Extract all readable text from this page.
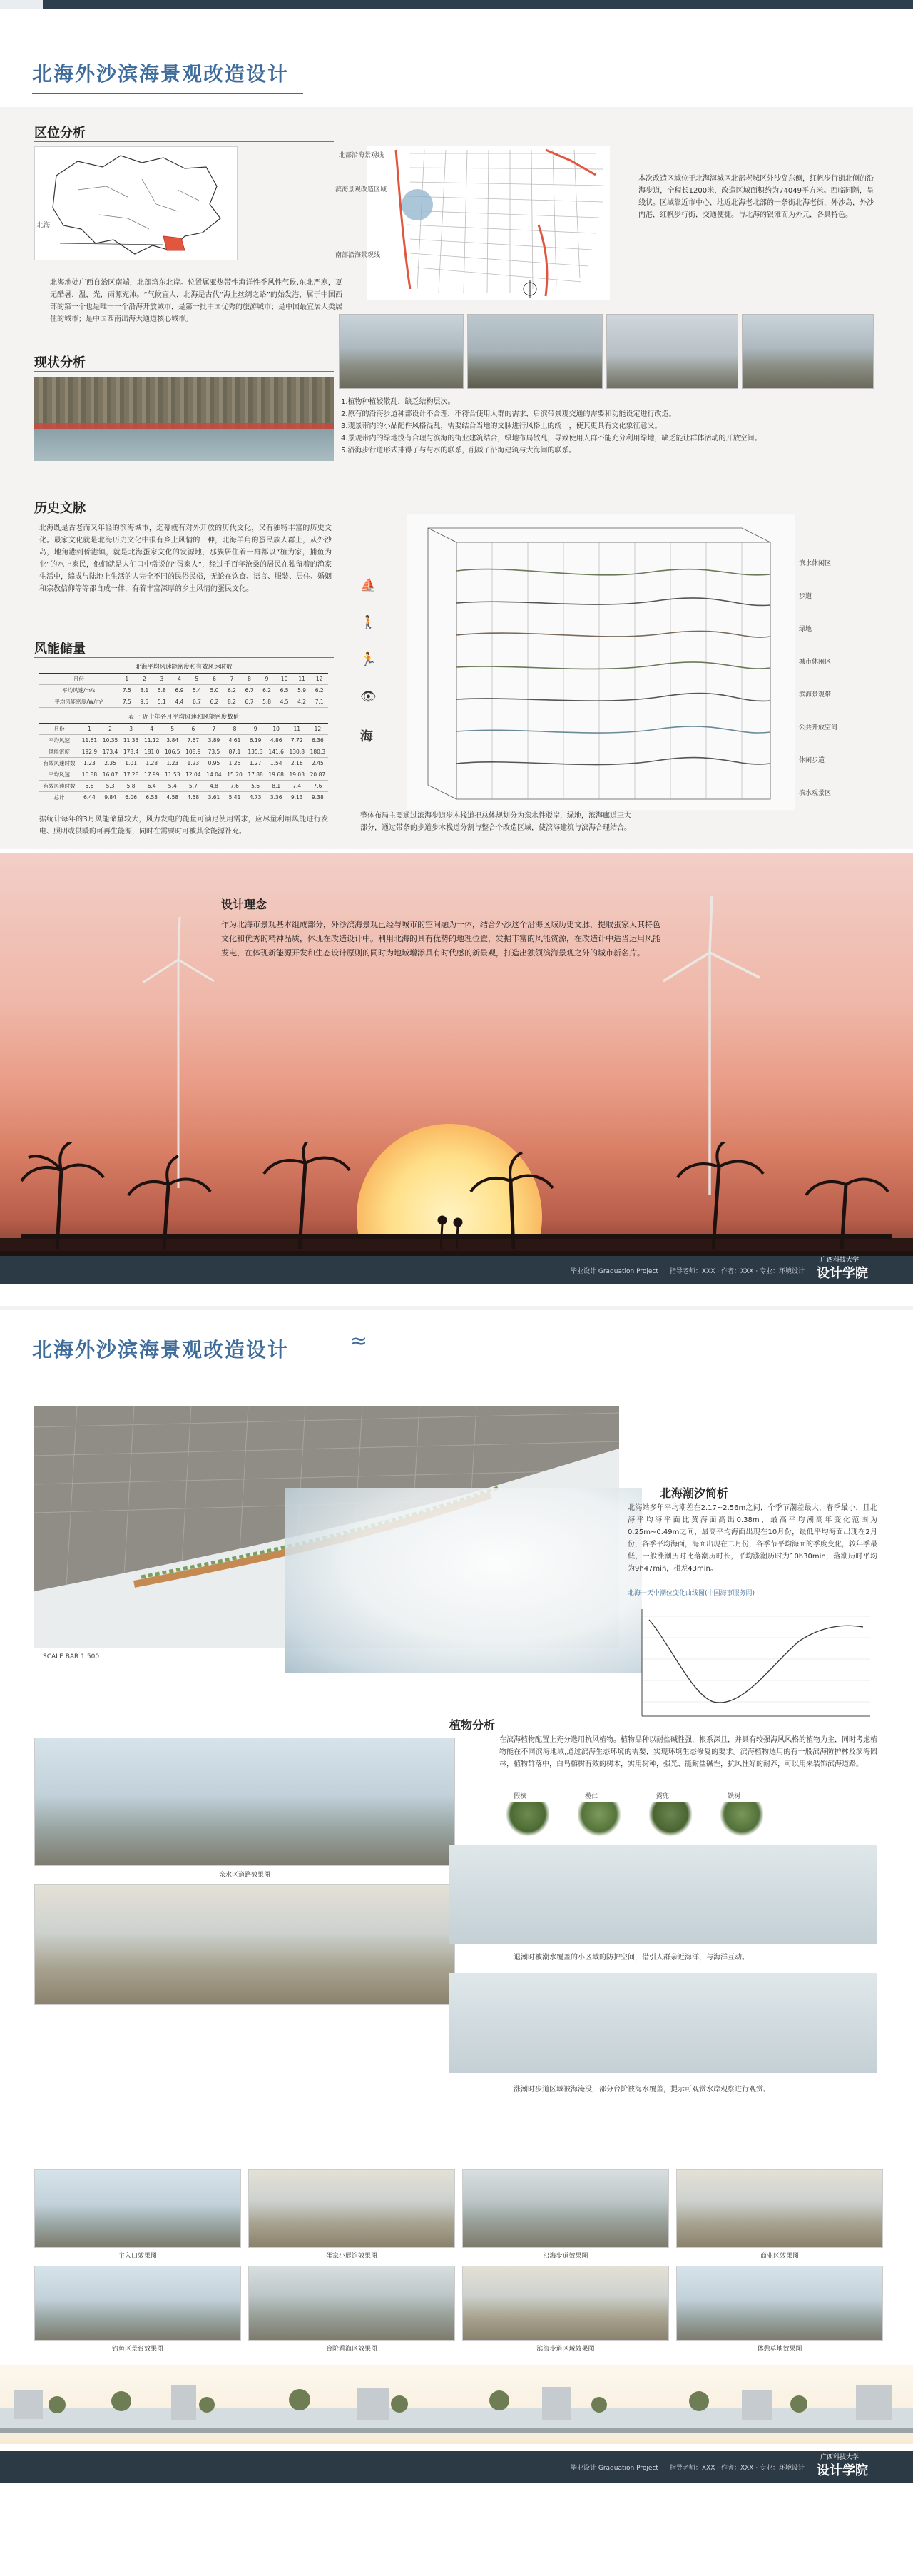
北海外沙滨海景观改造设计
区位分析
北海
北部沿海景观线
滨海景观改造区域
南部沿海景观线
本次改造区域位于北海海城区北部老城区外沙岛东侧，红帆步行街北侧的沿海步道，全程长1200米，改造区域面积约为74049平方米。西临同隔，呈线状。区域靠近市中心，地近北海老北部的一条街北海老街，外沙岛，外沙内港，红帆步行街，交通便捷。与北海的银滩而为外元，各具特色。
北海地处广西自治区南端，北部湾东北岸。位置属亚热带性海洋性季风性气候,东北严寒，夏无酷暑，温，光，雨源充沛。“气候宜人，北海是古代“海上丝绸之路”的始发港，属于中国西部的第一个也是唯一一个沿海开放城市，是第一批中国优秀的旅游城市；是中国最宜居人类居住的城市；是中国西南出海大通道核心城市。
现状分析
1.植物种植较散乱，缺乏结构层次。
2.原有的沿海步道种部设计不合理，不符合使用人群的需求，后滨带景观交通的需要和功能设定进行改造。
3.观景带内的小品配件风格混乱，需要结合当地的文脉进行风格上的统一，使其更具有文化象征意义。
4.景观带内的绿地没有合理与滨海的街业建筑结合，绿地布局散乱，导致使用人群不能充分利用绿地，缺乏能让群体活动的开放空间。
5.沿海步行道形式排得了与与水的联系，削减了沿海建筑与大海间的联系。
历史文脉
北海既是古老而又年轻的滨海城市，迄幕就有对外开放的历代文化，又有独特丰富的历史文化。最家文化就是北海历史文化中很有乡土风情的一种，北海羊角的蛋民族人群上，从外沙岛，地角港到侨港镇，就是北海蛋家文化的发源地，那族居住着一群都以“植为家，捕鱼为业”的水上家民，他们就是人们口中常说的“蛋家人”，经过千百年沧桑的居民在独留着的渔家生活中，编成与陆地上生活的人完全不同的民俗民俗，无论在饮食、语言、服装、居住、婚姻和宗教信仰等等都自成一体，有着丰富深厚的乡土风情的蛋民文化。
风能储量
北海平均风速能密度和有效风速时数
月份	1	2	3	4	5	6	7	8	9	10	11	12
平均风速/m/s	7.5	8.1	5.8	6.9	5.4	5.0	6.2	6.7	6.2	6.5	5.9	6.2
平均风能密度/W/m²	7.5	9.5	5.1	4.4	6.7	6.2	8.2	6.7	5.8	4.5	4.2	7.1
表一 近十年各月平均风速和风能密度数值
月份	1	2	3	4	5	6	7	8	9	10	11	12
平均风速	11.61	10.35	11.33	11.12	3.84	7.67	3.89	4.61	6.19	4.86	7.72	6.36
风能密度	192.9	173.4	178.4	181.0	106.5	108.9	73.5	87.1	135.3	141.6	130.8	180.3
有效风速时数	1.23	2.35	1.01	1.28	1.23	1.23	0.95	1.25	1.27	1.54	2.16	2.45
平均风速	16.88	16.07	17.28	17.99	11.53	12.04	14.04	15.20	17.88	19.68	19.03	20.87
有效风速时数	5.6	5.3	5.8	6.4	5.4	5.7	4.8	7.6	5.6	8.1	7.4	7.6
总计	6.44	9.84	6.06	6.53	4.58	4.58	3.61	5.41	4.73	3.36	9.13	9.38
据统计每年的3月风能储量较大，风力发电的能量可满足使用需求，应尽量利用风能进行发电、照明或供暖的可再生能源，同时在需要时可被其余能源补充。
⛵
🚶
🏃
👁
海
滨水休闲区
步道
绿地
城市休闲区
滨海景观带
公共开放空间
休闲步道
滨水观景区
整体布局主要通过滨海步道步木栈道把总体规划分为亲水性驳岸，绿地，滨海廊道三大部分，通过带条的步道步木栈道分割与整合个改造区域，使滨海建筑与滨海合理结合。
设计理念
作为北海市景观基本组成部分，外沙滨海景观已经与城市的空间融为一体，结合外沙这个沿海区域历史文脉，提取蛋家人其特色文化和优秀的精神品质，体现在改造设计中。利用北海的具有优势的地理位置，发掘丰富的风能资源，在改造计中适当运用风能发电，在体现新能源开发和生态设计原则的同时为地域增添具有时代感的新景观，打造出独领滨海景观之外的城市新名片。
毕业设计 Graduation Project 指导老师：XXX · 作者：XXX · 专业：环境设计 设计学院
广西科技大学
北海外沙滨海景观改造设计	≈
SCALE BAR 1:500
北海潮汐简析
北海站多年平均潮差在2.17~2.56m之间，个季节潮差最大，春季最小，且北海平均海平面比黄海面高出0.38m，最高平均潮高年变化范围为0.25m~0.49m之间，最高平均海面出现在10月份，最低平均海面出现在2月份，各季平均海面，海面出现在二月份，各季节平均海面的季度变化，较年季最低，一般涨潮历时比落潮历时长，平均涨潮历时为10h30min，落潮历时平均为9h47min，相差43min。
北海一天中潮位变化曲线图(中国海事服务网)
植物分析
在滨海植物配置上充分选用抗风植物。植物品种以耐盐碱性强，根系深且，并具有较强海风风格的植物为主，同时考虑植物能在不同滨海地域,通过滨海生态环境的需要，实现环境生态修复的要求。滨海植物选用的有一般滨海防护林及滨海园林，植物群落中，白鸟榕树有效的树木，实用树种，强光、能耐盐碱性，抗风性好的耐养，可以用来装饰滨海道路。
假槟	榄仁	露兜	铁树
亲水区道路效果图
退潮时被潮水覆盖的小区域的防护空间，借引人群亲近海洋，与海洋互动。
涨潮时步道区域被海淹没，部分台阶被海水覆盖，提示可观赏水岸观察进行观赏。
主入口效果图	蛋家小展馆效果图	沿海步道效果图	商业区效果图
钓鱼区景台效果图	台阶看海区效果图	滨海步道区域效果图	休憩草地效果图
毕业设计 Graduation Project 指导老师：XXX · 作者：XXX · 专业：环境设计 设计学院
广西科技大学
